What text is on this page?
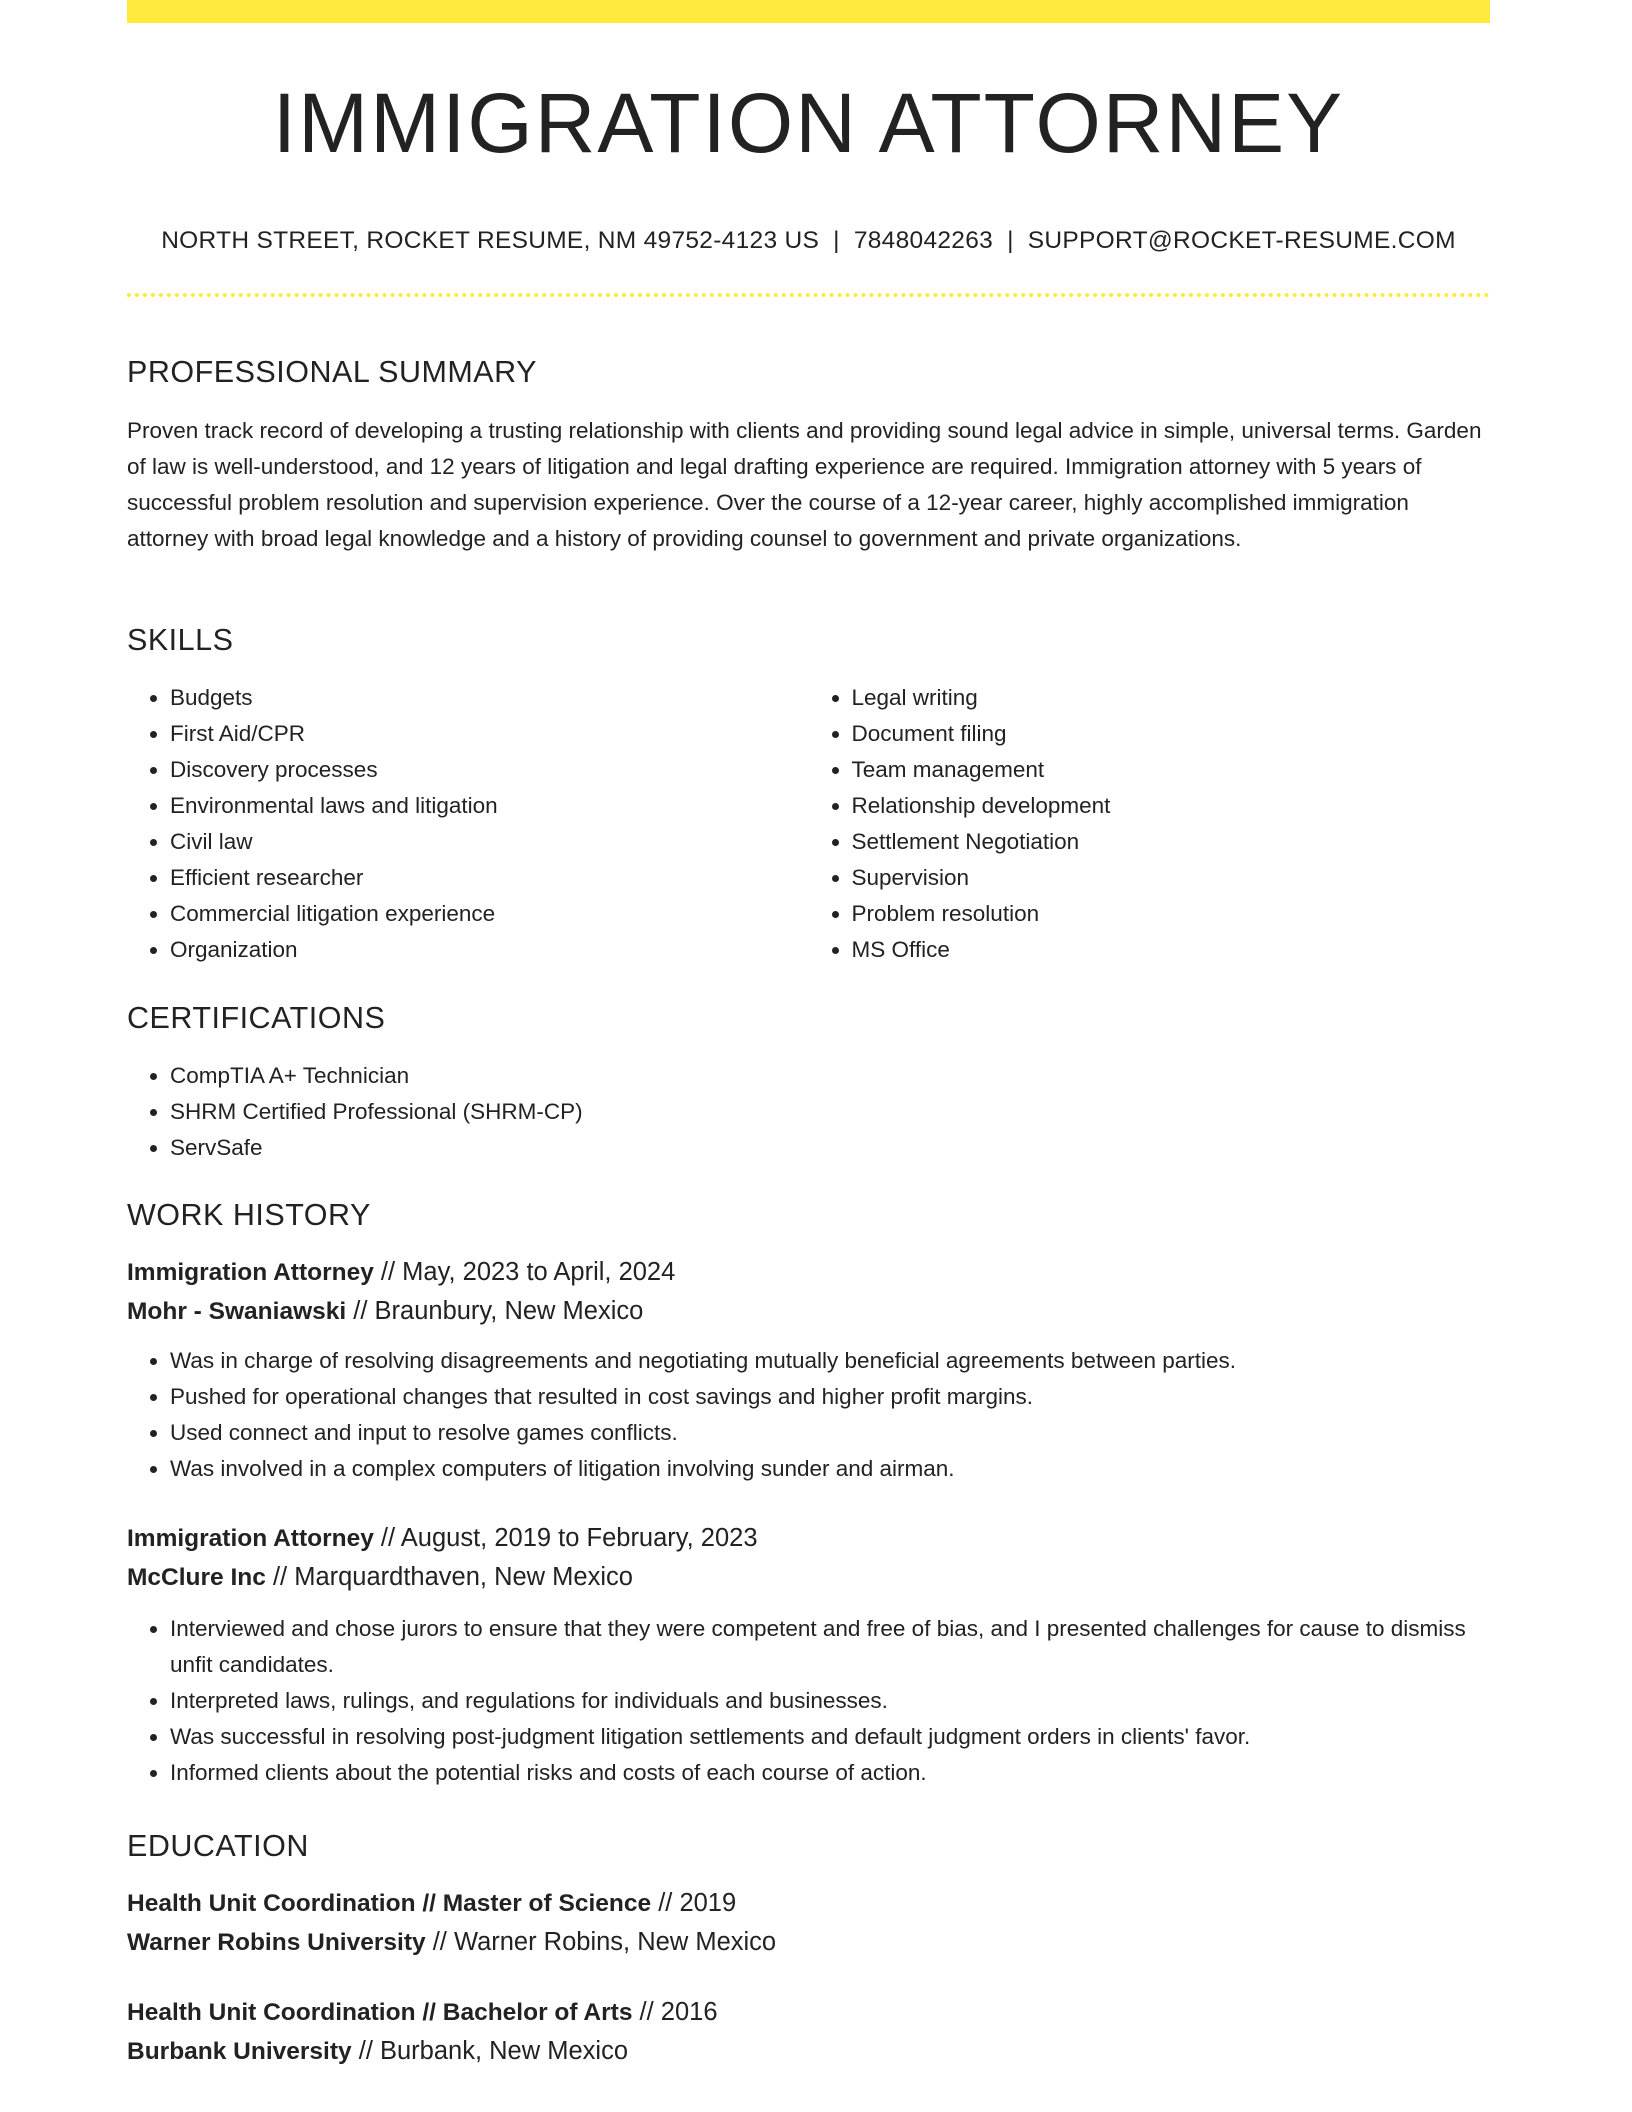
IMMIGRATION ATTORNEY
NORTH STREET, ROCKET RESUME, NM 49752-4123 US | 7848042263 | SUPPORT@ROCKET-RESUME.COM
PROFESSIONAL SUMMARY

Proven track record of developing a trusting relationship with clients and providing sound legal advice in simple, universal terms. Garden of law is well-understood, and 12 years of litigation and legal drafting experience are required. Immigration attorney with 5 years of successful problem resolution and supervision experience. Over the course of a 12-year career, highly accomplished immigration attorney with broad legal knowledge and a history of providing counsel to government and private organizations.

SKILLS
• Budgets
• First Aid/CPR
• Discovery processes
• Environmental laws and litigation
• Civil law
• Efficient researcher
• Commercial litigation experience
• Organization
• Legal writing
• Document filing
• Team management
• Relationship development
• Settlement Negotiation
• Supervision
• Problem resolution
• MS Office
CERTIFICATIONS
• CompTIA A+ Technician
• SHRM Certified Professional (SHRM-CP)
• ServSafe
WORK HISTORY

Immigration Attorney // May, 2023 to April, 2024

Mohr - Swaniawski // Braunbury, New Mexico

• Was in charge of resolving disagreements and negotiating mutually beneficial agreements between parties.
• Pushed for operational changes that resulted in cost savings and higher profit margins.
• Used connect and input to resolve games conflicts.
• Was involved in a complex computers of litigation involving sunder and airman.

Immigration Attorney // August, 2019 to February, 2023

McClure Inc // Marquardthaven, New Mexico

• Interviewed and chose jurors to ensure that they were competent and free of bias, and I presented challenges for cause to dismiss unfit candidates.
• Interpreted laws, rulings, and regulations for individuals and businesses.
• Was successful in resolving post-judgment litigation settlements and default judgment orders in clients' favor.
• Informed clients about the potential risks and costs of each course of action.
EDUCATION

Health Unit Coordination // Master of Science // 2019

Warner Robins University // Warner Robins, New Mexico

Health Unit Coordination // Bachelor of Arts // 2016

Burbank University // Burbank, New Mexico
